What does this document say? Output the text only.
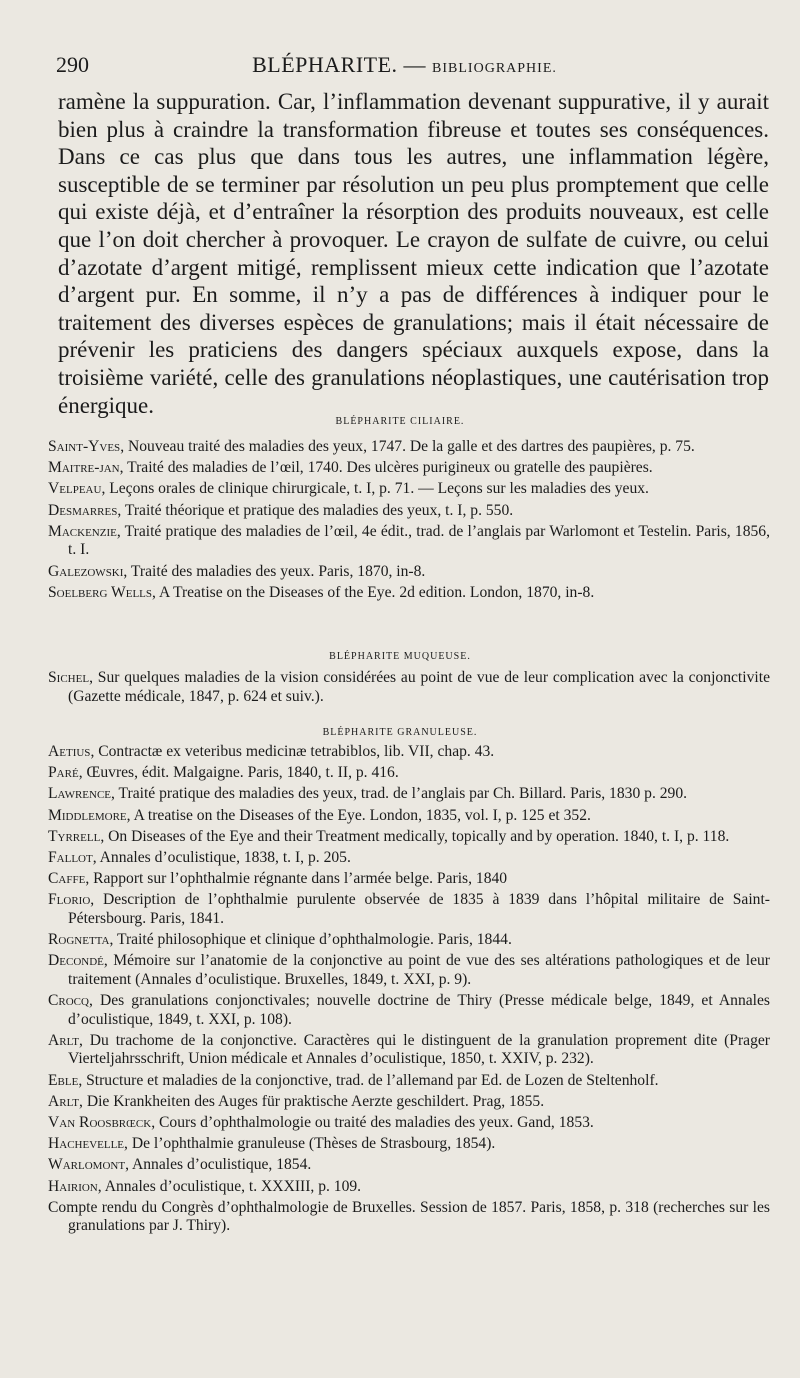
290	BLÉPHARITE. — BIBLIOGRAPHIE.

ramène la suppuration. Car, l’inflammation devenant suppurative, il y aurait bien plus à craindre la transformation fibreuse et toutes ses conséquences. Dans ce cas plus que dans tous les autres, une inflammation légère, susceptible de se terminer par résolution un peu plus promptement que celle qui existe déjà, et d’entraîner la résorption des produits nouveaux, est celle que l’on doit chercher à provoquer. Le crayon de sulfate de cuivre, ou celui d’azotate d’argent mitigé, remplissent mieux cette indication que l’azotate d’argent pur. En somme, il n’y a pas de différences à indiquer pour le traitement des diverses espèces de granulations; mais il était nécessaire de prévenir les praticiens des dangers spéciaux auxquels expose, dans la troisième variété, celle des granulations néoplastiques, une cautérisation trop énergique.

BLÉPHARITE CILIAIRE.

Saint-Yves, Nouveau traité des maladies des yeux, 1747. De la galle et des dartres des paupières, p. 75.

Maitre-jan, Traité des maladies de l’œil, 1740. Des ulcères purigineux ou gratelle des paupières.

Velpeau, Leçons orales de clinique chirurgicale, t. I, p. 71. — Leçons sur les maladies des yeux.

Desmarres, Traité théorique et pratique des maladies des yeux, t. I, p. 550.

Mackenzie, Traité pratique des maladies de l’œil, 4e édit., trad. de l’anglais par Warlomont et Testelin. Paris, 1856, t. I.

Galezowski, Traité des maladies des yeux. Paris, 1870, in-8.

Soelberg Wells, A Treatise on the Diseases of the Eye. 2d edition. London, 1870, in-8.

BLÉPHARITE MUQUEUSE.

Sichel, Sur quelques maladies de la vision considérées au point de vue de leur complication avec la conjonctivite (Gazette médicale, 1847, p. 624 et suiv.).

BLÉPHARITE GRANULEUSE.

Aetius, Contractæ ex veteribus medicinæ tetrabiblos, lib. VII, chap. 43.

Paré, Œuvres, édit. Malgaigne. Paris, 1840, t. II, p. 416.

Lawrence, Traité pratique des maladies des yeux, trad. de l’anglais par Ch. Billard. Paris, 1830 p. 290.

Middlemore, A treatise on the Diseases of the Eye. London, 1835, vol. I, p. 125 et 352.

Tyrrell, On Diseases of the Eye and their Treatment medically, topically and by operation. 1840, t. I, p. 118.

Fallot, Annales d’oculistique, 1838, t. I, p. 205.

Caffe, Rapport sur l’ophthalmie régnante dans l’armée belge. Paris, 1840

Florio, Description de l’ophthalmie purulente observée de 1835 à 1839 dans l’hôpital militaire de Saint-Pétersbourg. Paris, 1841.

Rognetta, Traité philosophique et clinique d’ophthalmologie. Paris, 1844.

Decondé, Mémoire sur l’anatomie de la conjonctive au point de vue des ses altérations pathologiques et de leur traitement (Annales d’oculistique. Bruxelles, 1849, t. XXI, p. 9).

Crocq, Des granulations conjonctivales; nouvelle doctrine de Thiry (Presse médicale belge, 1849, et Annales d’oculistique, 1849, t. XXI, p. 108).

Arlt, Du trachome de la conjonctive. Caractères qui le distinguent de la granulation proprement dite (Prager Vierteljahrsschrift, Union médicale et Annales d’oculistique, 1850, t. XXIV, p. 232).

Eble, Structure et maladies de la conjonctive, trad. de l’allemand par Ed. de Lozen de Steltenholf.

Arlt, Die Krankheiten des Auges für praktische Aerzte geschildert. Prag, 1855.

Van Roosbrœck, Cours d’ophthalmologie ou traité des maladies des yeux. Gand, 1853.

Hachevelle, De l’ophthalmie granuleuse (Thèses de Strasbourg, 1854).

Warlomont, Annales d’oculistique, 1854.

Hairion, Annales d’oculistique, t. XXXIII, p. 109.

Compte rendu du Congrès d’ophthalmologie de Bruxelles. Session de 1857. Paris, 1858, p. 318 (recherches sur les granulations par J. Thiry).
